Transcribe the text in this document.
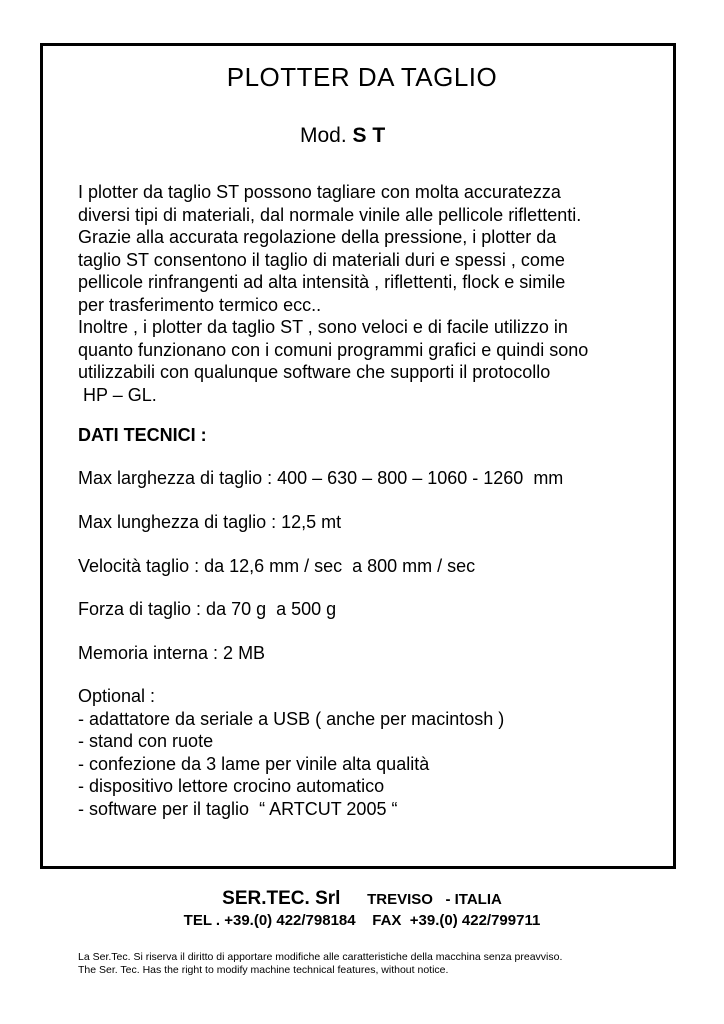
PLOTTER DA TAGLIO
Mod. S T

I plotter da taglio ST possono tagliare con molta accuratezza

diversi tipi di materiali, dal normale vinile alle pellicole riflettenti.

Grazie alla accurata regolazione della pressione, i plotter da

taglio ST consentono il taglio di materiali duri e spessi , come

pellicole rinfrangenti ad alta intensità , riflettenti, flock e simile

per trasferimento termico ecc..

Inoltre , i plotter da taglio ST , sono veloci e di facile utilizzo in

quanto funzionano con i comuni programmi grafici e quindi sono

utilizzabili con qualunque software che supporti il protocollo

HP – GL.

DATI TECNICI :
Max larghezza di taglio : 400 – 630 – 800 – 1060 - 1260  mm
Max lunghezza di taglio : 12,5 mt
Velocità taglio : da 12,6 mm / sec  a 800 mm / sec
Forza di taglio : da 70 g  a 500 g
Memoria interna : 2 MB
Optional :
- adattatore da seriale a USB ( anche per macintosh )
- stand con ruote
- confezione da 3 lame per vinile alta qualità
- dispositivo lettore crocino automatico
- software per il taglio  “ ARTCUT 2005 “
SER.TEC. Srl TREVISO   - ITALIA
TEL . +39.(0) 422/798184    FAX  +39.(0) 422/799711
La Ser.Tec. Si riserva il diritto di apportare modifiche alle caratteristiche della macchina senza preavviso.
The Ser. Tec. Has the right to modify machine technical features, without notice.
